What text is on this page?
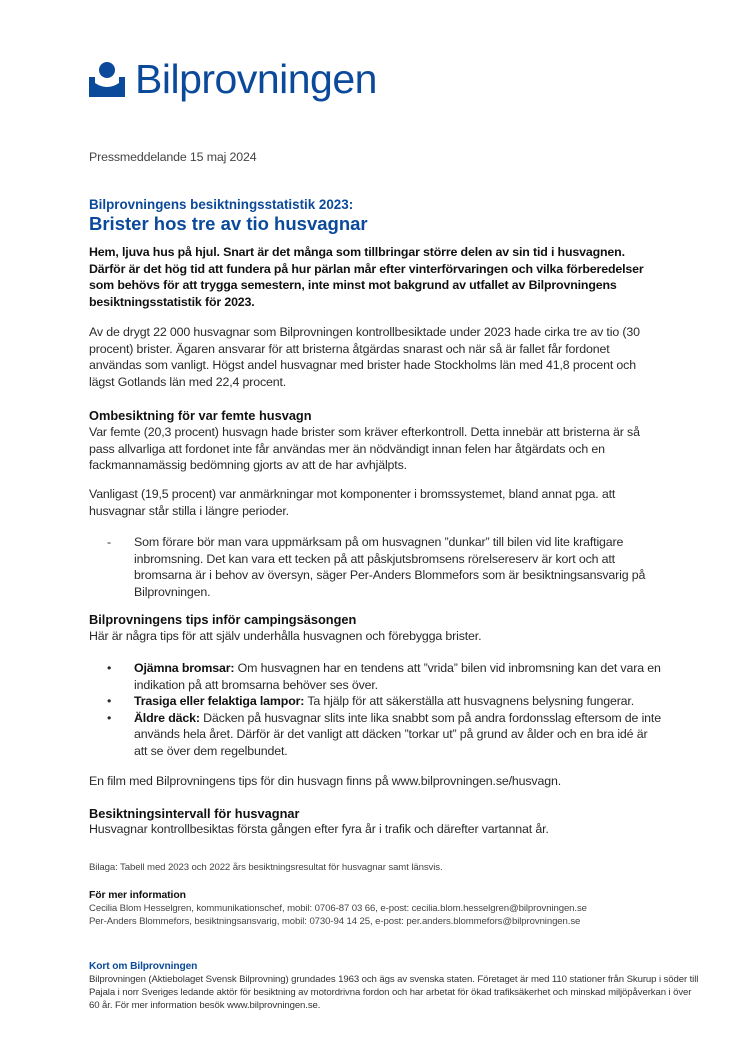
Bilprovningen

Pressmeddelande 15 maj 2024

Bilprovningens besiktningsstatistik 2023:

Brister hos tre av tio husvagnar

Hem, ljuva hus på hjul. Snart är det många som tillbringar större delen av sin tid i husvagnen. Därför är det hög tid att fundera på hur pärlan mår efter vinterförvaringen och vilka förberedelser som behövs för att trygga semestern, inte minst mot bakgrund av utfallet av Bilprovningens besiktningsstatistik för 2023.

Av de drygt 22 000 husvagnar som Bilprovningen kontrollbesiktade under 2023 hade cirka tre av tio (30 procent) brister. Ägaren ansvarar för att bristerna åtgärdas snarast och när så är fallet får fordonet användas som vanligt. Högst andel husvagnar med brister hade Stockholms län med 41,8 procent och lägst Gotlands län med 22,4 procent.

Ombesiktning för var femte husvagn

Var femte (20,3 procent) husvagn hade brister som kräver efterkontroll. Detta innebär att bristerna är så pass allvarliga att fordonet inte får användas mer än nödvändigt innan felen har åtgärdats och en fackmannamässig bedömning gjorts av att de har avhjälpts.

Vanligast (19,5 procent) var anmärkningar mot komponenter i bromssystemet, bland annat pga. att husvagnar står stilla i längre perioder.

- Som förare bör man vara uppmärksam på om husvagnen ”dunkar” till bilen vid lite kraftigare inbromsning. Det kan vara ett tecken på att påskjutsbromsens rörelsereserv är kort och att bromsarna är i behov av översyn, säger Per-Anders Blommefors som är besiktningsansvarig på Bilprovningen.
Bilprovningens tips inför campingsäsongen

Här är några tips för att själv underhålla husvagnen och förebygga brister.

• Ojämna bromsar: Om husvagnen har en tendens att ”vrida” bilen vid inbromsning kan det vara en indikation på att bromsarna behöver ses över.
• Trasiga eller felaktiga lampor: Ta hjälp för att säkerställa att husvagnens belysning fungerar.
• Äldre däck: Däcken på husvagnar slits inte lika snabbt som på andra fordonsslag eftersom de inte används hela året. Därför är det vanligt att däcken ”torkar ut” på grund av ålder och en bra idé är att se över dem regelbundet.

En film med Bilprovningens tips för din husvagn finns på www.bilprovningen.se/husvagn.

Besiktningsintervall för husvagnar

Husvagnar kontrollbesiktas första gången efter fyra år i trafik och därefter vartannat år.

Bilaga: Tabell med 2023 och 2022 års besiktningsresultat för husvagnar samt länsvis.

För mer information

Cecilia Blom Hesselgren, kommunikationschef, mobil: 0706-87 03 66, e-post: cecilia.blom.hesselgren@bilprovningen.se

Per-Anders Blommefors, besiktningsansvarig, mobil: 0730-94 14 25, e-post: per.anders.blommefors@bilprovningen.se

Kort om Bilprovningen

Bilprovningen (Aktiebolaget Svensk Bilprovning) grundades 1963 och ägs av svenska staten. Företaget är med 110 stationer från Skurup i söder till Pajala i norr Sveriges ledande aktör för besiktning av motordrivna fordon och har arbetat för ökad trafiksäkerhet och minskad miljöpåverkan i över 60 år. För mer information besök www.bilprovningen.se.
